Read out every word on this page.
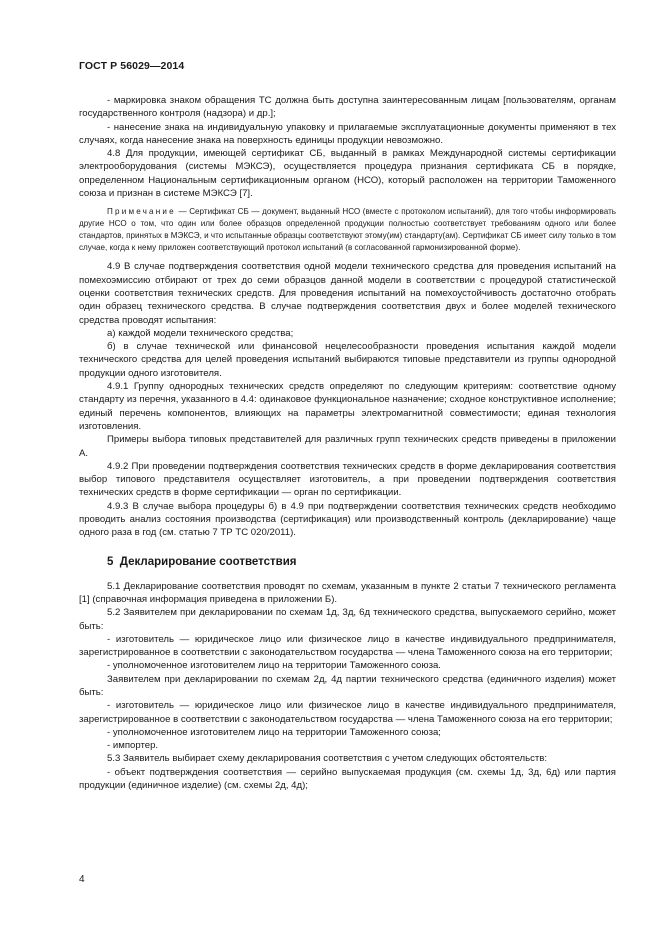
ГОСТ Р 56029—2014

- маркировка знаком обращения ТС должна быть доступна заинтересованным лицам [пользователям, органам государственного контроля (надзора) и др.];

- нанесение знака на индивидуальную упаковку и прилагаемые эксплуатационные документы применяют в тех случаях, когда нанесение знака на поверхность единицы продукции невозможно.

4.8 Для продукции, имеющей сертификат СБ, выданный в рамках Международной системы сертификации электрооборудования (системы МЭКСЭ), осуществляется процедура признания сертификата СБ в порядке, определенном Национальным сертификационным органом (НСО), который расположен на территории Таможенного союза и признан в системе МЭКСЭ [7].

Примечание — Сертификат СБ — документ, выданный НСО (вместе с протоколом испытаний), для того чтобы информировать другие НСО о том, что один или более образцов определенной продукции полностью соответствует требованиям одного или более стандартов, принятых в МЭКСЭ, и что испытанные образцы соответствуют этому(им) стандарту(ам). Сертификат СБ имеет силу только в том случае, когда к нему приложен соответствующий протокол испытаний (в согласованной гармонизированной форме).

4.9 В случае подтверждения соответствия одной модели технического средства для проведения испытаний на помехоэмиссию отбирают от трех до семи образцов данной модели в соответствии с процедурой статистической оценки соответствия технических средств. Для проведения испытаний на помехоустойчивость достаточно отобрать один образец технического средства. В случае подтверждения соответствия двух и более моделей технического средства проводят испытания:

а) каждой модели технического средства;

б) в случае технической или финансовой нецелесообразности проведения испытания каждой модели технического средства для целей проведения испытаний выбираются типовые представители из группы однородной продукции одного изготовителя.

4.9.1 Группу однородных технических средств определяют по следующим критериям: соответствие одному стандарту из перечня, указанного в 4.4: одинаковое функциональное назначение; сходное конструктивное исполнение; единый перечень компонентов, влияющих на параметры электромагнитной совместимости; единая технология изготовления.

Примеры выбора типовых представителей для различных групп технических средств приведены в приложении А.

4.9.2 При проведении подтверждения соответствия технических средств в форме декларирования соответствия выбор типового представителя осуществляет изготовитель, а при проведении подтверждения соответствия технических средств в форме сертификации — орган по сертификации.

4.9.3 В случае выбора процедуры б) в 4.9 при подтверждении соответствия технических средств необходимо проводить анализ состояния производства (сертификация) или производственный контроль (декларирование) чаще одного раза в год (см. статью 7 ТР ТС 020/2011).

5 Декларирование соответствия

5.1 Декларирование соответствия проводят по схемам, указанным в пункте 2 статьи 7 технического регламента [1] (справочная информация приведена в приложении Б).

5.2 Заявителем при декларировании по схемам 1д, 3д, 6д технического средства, выпускаемого серийно, может быть:

- изготовитель — юридическое лицо или физическое лицо в качестве индивидуального предпринимателя, зарегистрированное в соответствии с законодательством государства — члена Таможенного союза на его территории;

- уполномоченное изготовителем лицо на территории Таможенного союза.

Заявителем при декларировании по схемам 2д, 4д партии технического средства (единичного изделия) может быть:

- изготовитель — юридическое лицо или физическое лицо в качестве индивидуального предпринимателя, зарегистрированное в соответствии с законодательством государства — члена Таможенного союза на его территории;

- уполномоченное изготовителем лицо на территории Таможенного союза;

- импортер.

5.3 Заявитель выбирает схему декларирования соответствия с учетом следующих обстоятельств:

- объект подтверждения соответствия — серийно выпускаемая продукция (см. схемы 1д, 3д, 6д) или партия продукции (единичное изделие) (см. схемы 2д, 4д);

4
